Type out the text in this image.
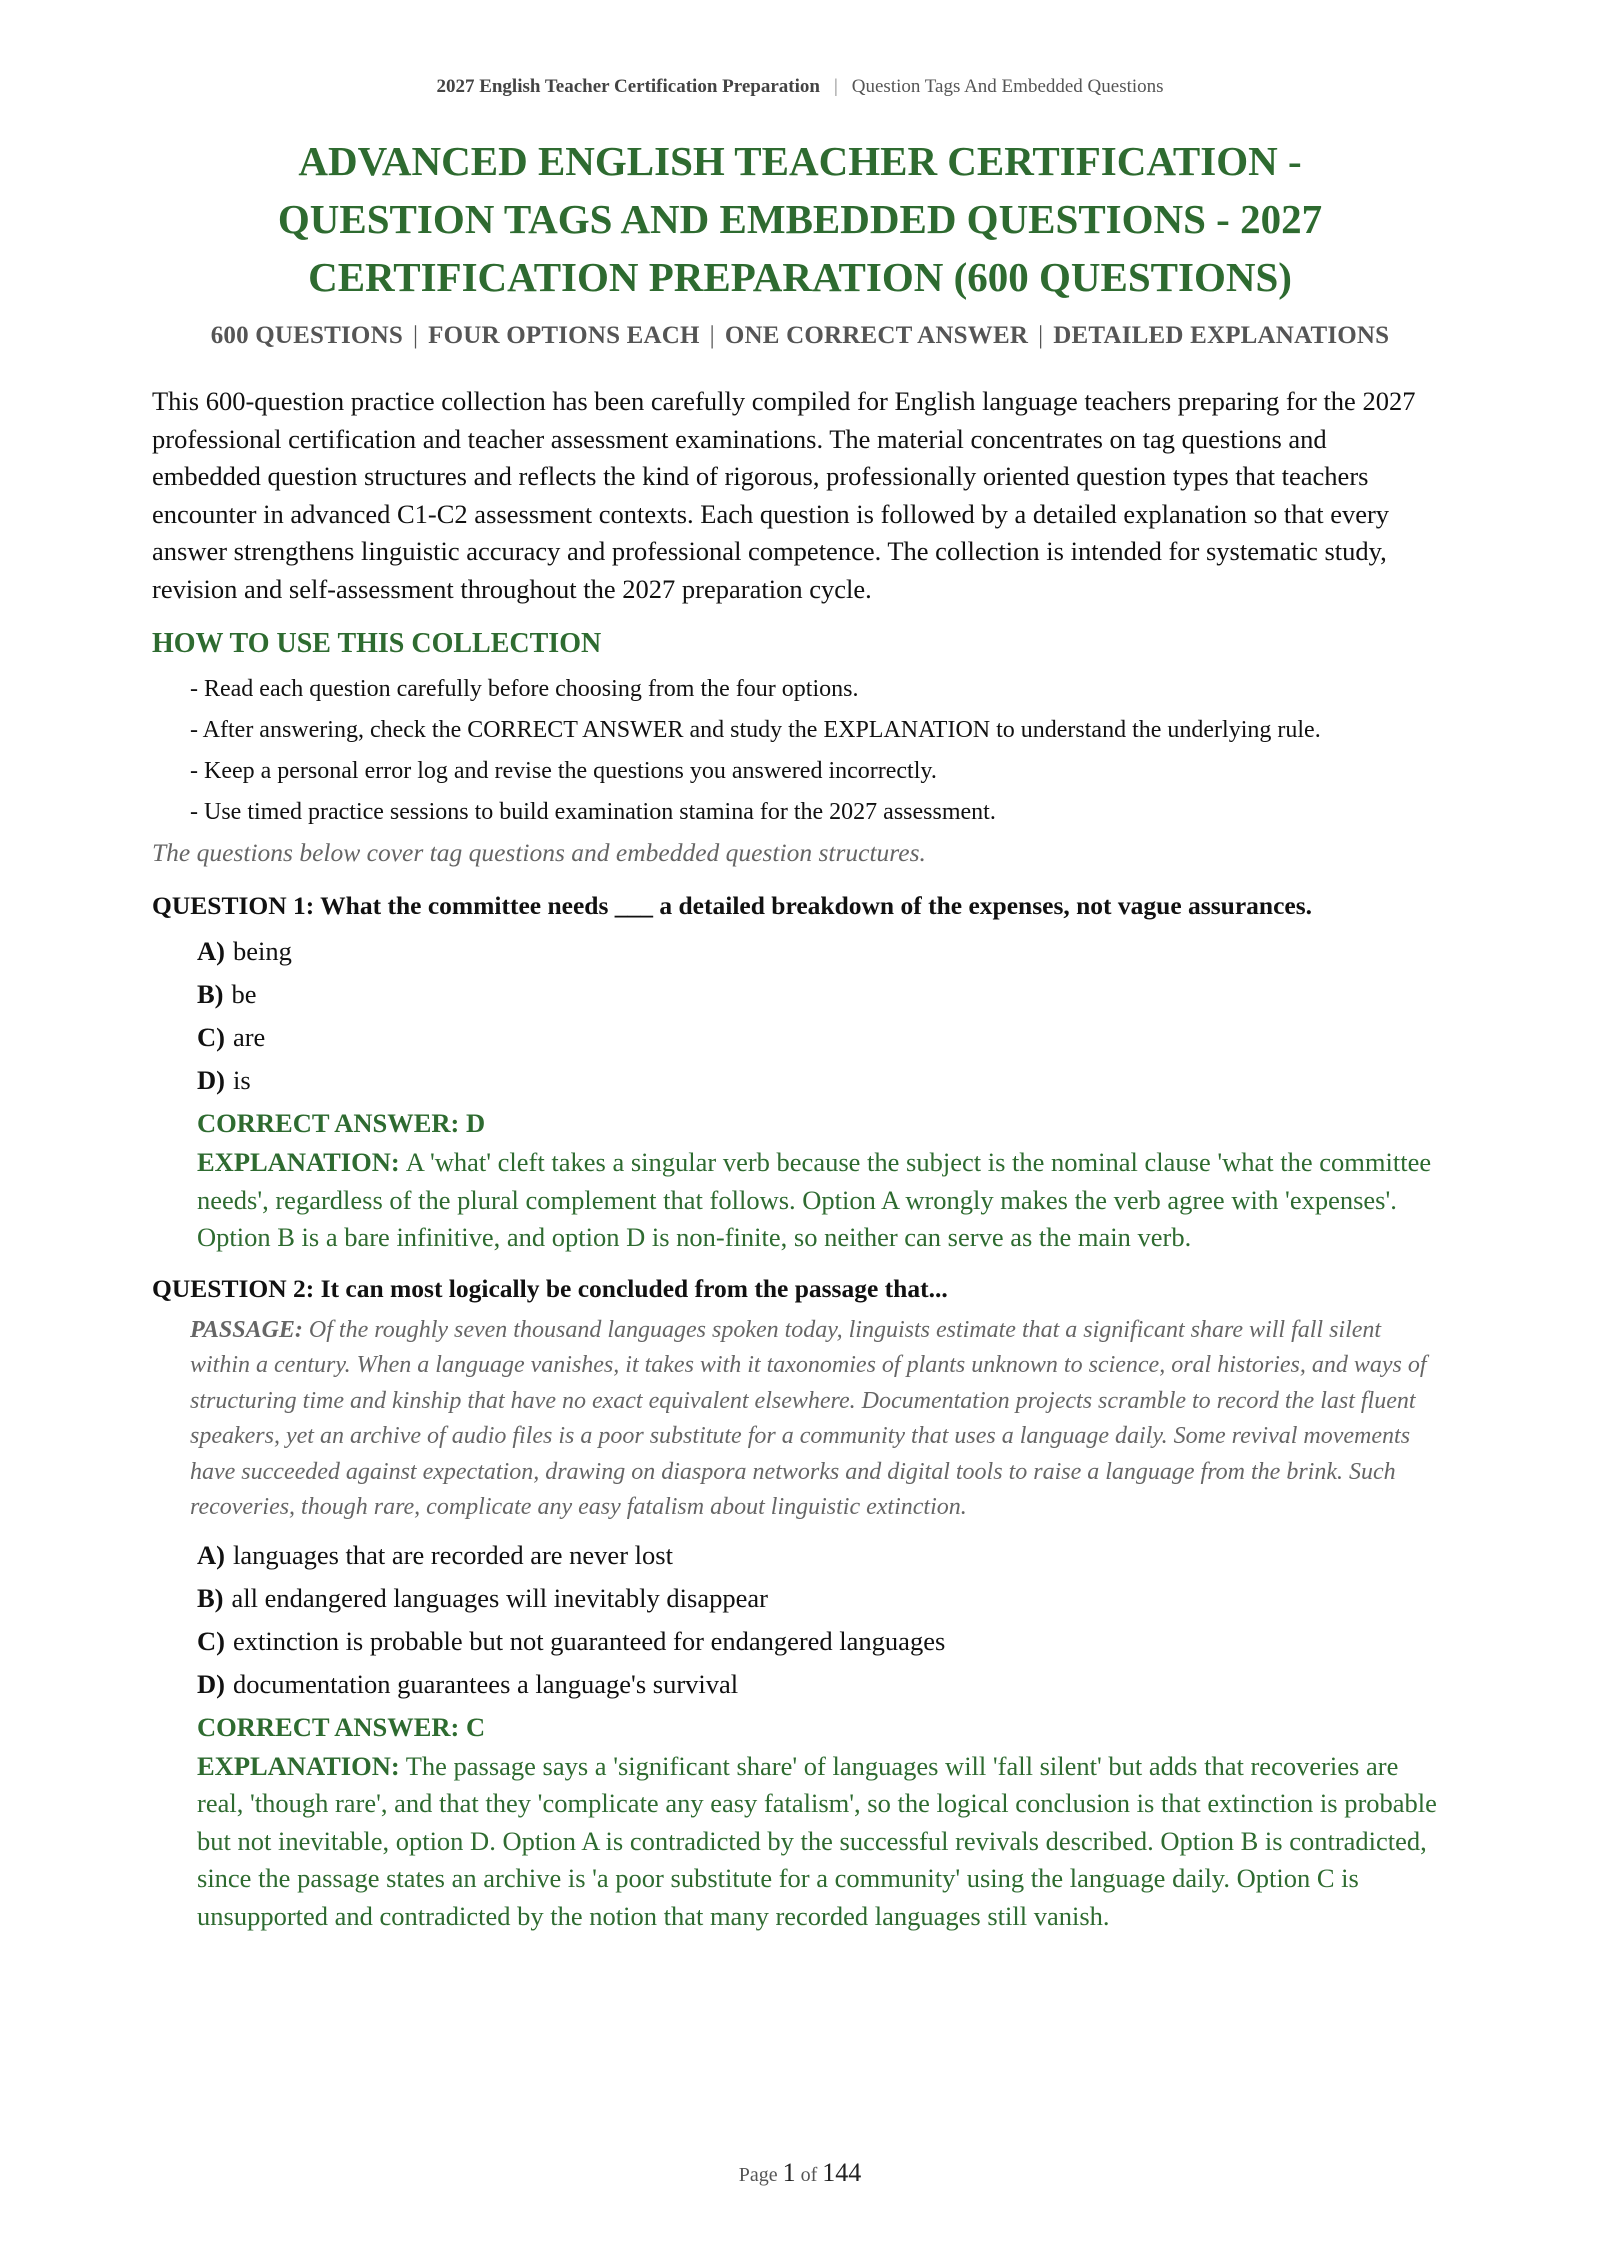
2027 English Teacher Certification Preparation | Question Tags And Embedded Questions
ADVANCED ENGLISH TEACHER CERTIFICATION - QUESTION TAGS AND EMBEDDED QUESTIONS - 2027 CERTIFICATION PREPARATION (600 QUESTIONS)
600 QUESTIONS | FOUR OPTIONS EACH | ONE CORRECT ANSWER | DETAILED EXPLANATIONS

This 600-question practice collection has been carefully compiled for English language teachers preparing for the 2027 professional certification and teacher assessment examinations. The material concentrates on tag questions and embedded question structures and reflects the kind of rigorous, professionally oriented question types that teachers encounter in advanced C1-C2 assessment contexts. Each question is followed by a detailed explanation so that every answer strengthens linguistic accuracy and professional competence. The collection is intended for systematic study, revision and self-assessment throughout the 2027 preparation cycle.

HOW TO USE THIS COLLECTION
- Read each question carefully before choosing from the four options.
- After answering, check the CORRECT ANSWER and study the EXPLANATION to understand the underlying rule.
- Keep a personal error log and revise the questions you answered incorrectly.
- Use timed practice sessions to build examination stamina for the 2027 assessment.

The questions below cover tag questions and embedded question structures.

QUESTION 1: What the committee needs ___ a detailed breakdown of the expenses, not vague assurances.

A) being
B) be
C) are
D) is

CORRECT ANSWER: D

EXPLANATION: A 'what' cleft takes a singular verb because the subject is the nominal clause 'what the committee needs', regardless of the plural complement that follows. Option A wrongly makes the verb agree with 'expenses'. Option B is a bare infinitive, and option D is non-finite, so neither can serve as the main verb.

QUESTION 2: It can most logically be concluded from the passage that...

PASSAGE: Of the roughly seven thousand languages spoken today, linguists estimate that a significant share will fall silent within a century. When a language vanishes, it takes with it taxonomies of plants unknown to science, oral histories, and ways of structuring time and kinship that have no exact equivalent elsewhere. Documentation projects scramble to record the last fluent speakers, yet an archive of audio files is a poor substitute for a community that uses a language daily. Some revival movements have succeeded against expectation, drawing on diaspora networks and digital tools to raise a language from the brink. Such recoveries, though rare, complicate any easy fatalism about linguistic extinction.

A) languages that are recorded are never lost
B) all endangered languages will inevitably disappear
C) extinction is probable but not guaranteed for endangered languages
D) documentation guarantees a language's survival

CORRECT ANSWER: C

EXPLANATION: The passage says a 'significant share' of languages will 'fall silent' but adds that recoveries are real, 'though rare', and that they 'complicate any easy fatalism', so the logical conclusion is that extinction is probable but not inevitable, option D. Option A is contradicted by the successful revivals described. Option B is contradicted, since the passage states an archive is 'a poor substitute for a community' using the language daily. Option C is unsupported and contradicted by the notion that many recorded languages still vanish.

Page 1 of 144
